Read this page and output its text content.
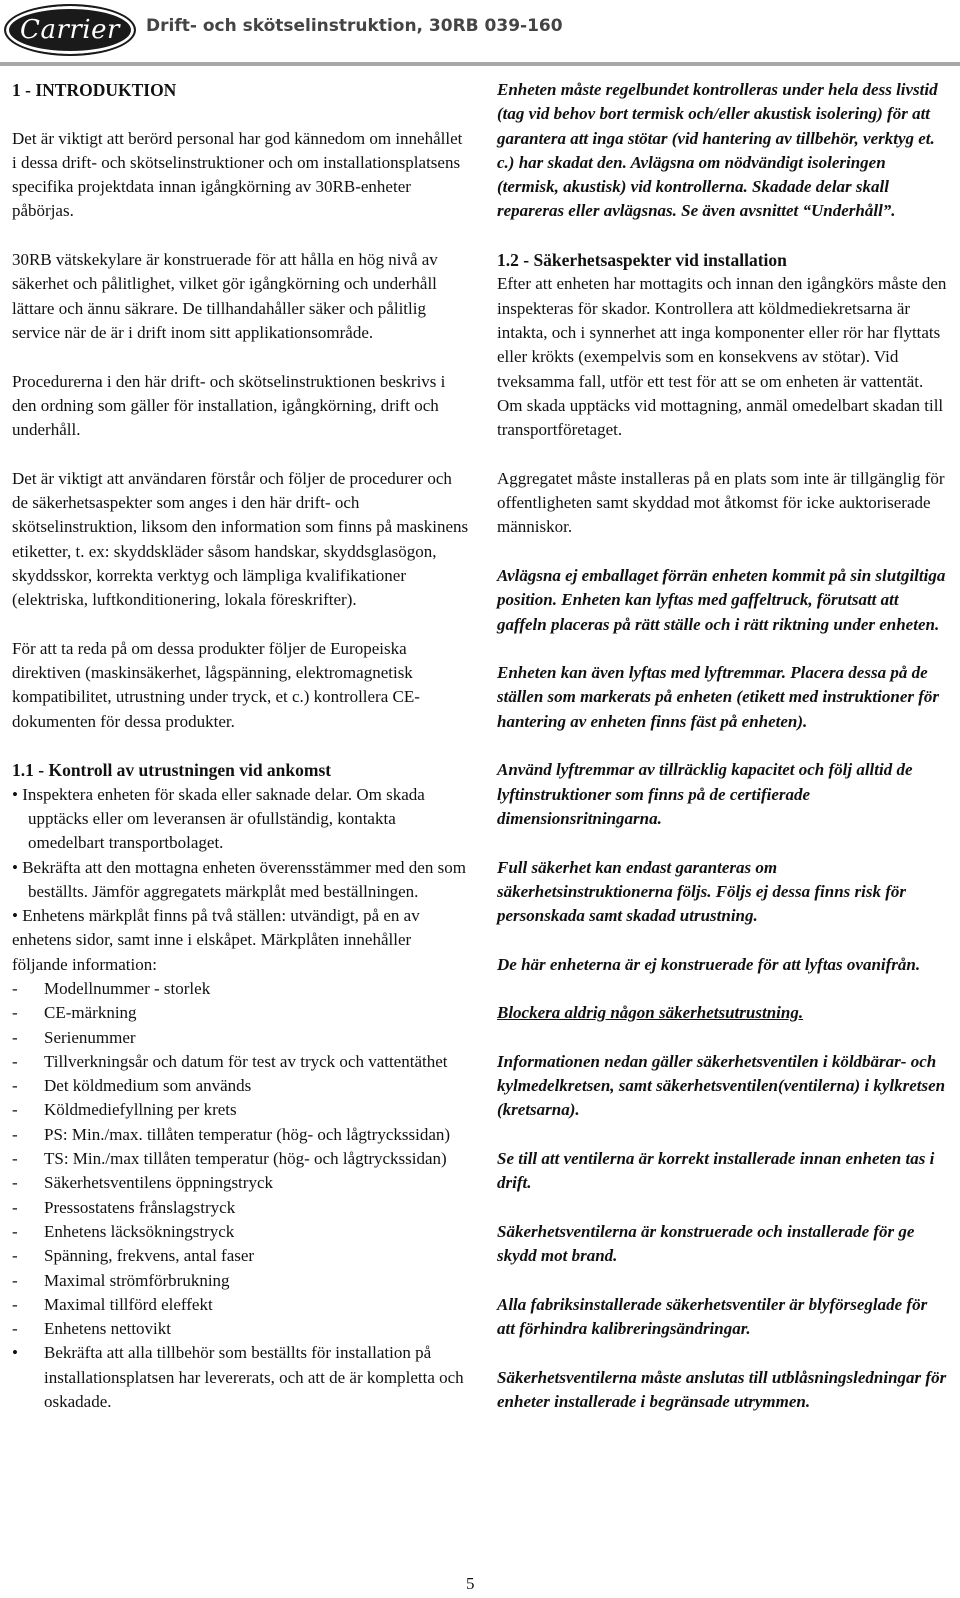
Carrier Drift- och skötselinstruktion, 30RB 039-160
1 - INTRODUKTION

Det är viktigt att berörd personal har god kännedom om innehållet i dessa drift- och skötselinstruktioner och om installationsplatsens specifika projektdata innan igångkörning av 30RB-enheter påbörjas.

30RB vätskekylare är konstruerade för att hålla en hög nivå av säkerhet och pålitlighet, vilket gör igångkörning och underhåll lättare och ännu säkrare. De tillhandahåller säker och pålitlig service när de är i drift inom sitt applikationsområde.

Procedurerna i den här drift- och skötselinstruktionen beskrivs i den ordning som gäller för installation, igångkörning, drift och underhåll.

Det är viktigt att användaren förstår och följer de procedurer och de säkerhetsaspekter som anges i den här drift- och skötselinstruktion, liksom den information som finns på maskinens etiketter, t. ex: skyddskläder såsom handskar, skyddsglasögon, skyddsskor, korrekta verktyg och lämpliga kvalifikationer (elektriska, luftkonditionering, lokala föreskrifter).

För att ta reda på om dessa produkter följer de Europeiska direktiven (maskinsäkerhet, lågspänning, elektromagnetisk kompatibilitet, utrustning under tryck, et c.) kontrollera CE-dokumenten för dessa produkter.

1.1 - Kontroll av utrustningen vid ankomst
• Inspektera enheten för skada eller saknade delar. Om skada upptäcks eller om leveransen är ofullständig, kontakta omedelbart transportbolaget.
• Bekräfta att den mottagna enheten överensstämmer med den som beställts. Jämför aggregatets märkplåt med beställningen.
• Enhetens märkplåt finns på två ställen: utvändigt, på en av enhetens sidor, samt inne i elskåpet. Märkplåten innehåller följande information:
- Modellnummer - storlek
- CE-märkning
- Serienummer
- Tillverkningsår och datum för test av tryck och vattentäthet
- Det köldmedium som används
- Köldmediefyllning per krets
- PS: Min./max. tillåten temperatur (hög- och lågtryckssidan)
- TS: Min./max tillåten temperatur (hög- och lågtryckssidan)
- Säkerhetsventilens öppningstryck
- Pressostatens frånslagstryck
- Enhetens läcksökningstryck
- Spänning, frekvens, antal faser
- Maximal strömförbrukning
- Maximal tillförd eleffekt
- Enhetens nettovikt
• Bekräfta att alla tillbehör som beställts för installation på installationsplatsen har levererats, och att de är kompletta och oskadade.

Enheten måste regelbundet kontrolleras under hela dess livstid (tag vid behov bort termisk och/eller akustisk isolering) för att garantera att inga stötar (vid hantering av tillbehör, verktyg et. c.) har skadat den. Avlägsna om nödvändigt isoleringen (termisk, akustisk) vid kontrollerna. Skadade delar skall repareras eller avlägsnas. Se även avsnittet “Underhåll”.

1.2 - Säkerhetsaspekter vid installation

Efter att enheten har mottagits och innan den igångkörs måste den inspekteras för skador. Kontrollera att köldmediekretsarna är intakta, och i synnerhet att inga komponenter eller rör har flyttats eller krökts (exempelvis som en konsekvens av stötar). Vid tveksamma fall, utför ett test för att se om enheten är vattentät. Om skada upptäcks vid mottagning, anmäl omedelbart skadan till transportföretaget.

Aggregatet måste installeras på en plats som inte är tillgänglig för offentligheten samt skyddad mot åtkomst för icke auktoriserade människor.

Avlägsna ej emballaget förrän enheten kommit på sin slutgiltiga position. Enheten kan lyftas med gaffeltruck, förutsatt att gaffeln placeras på rätt ställe och i rätt riktning under enheten.

Enheten kan även lyftas med lyftremmar. Placera dessa på de ställen som markerats på enheten (etikett med instruktioner för hantering av enheten finns fäst på enheten).

Använd lyftremmar av tillräcklig kapacitet och följ alltid de lyftinstruktioner som finns på de certifierade dimensionsritningarna.

Full säkerhet kan endast garanteras om säkerhetsinstruktionerna följs. Följs ej dessa finns risk för personskada samt skadad utrustning.

De här enheterna är ej konstruerade för att lyftas ovanifrån.

Blockera aldrig någon säkerhetsutrustning.

Informationen nedan gäller säkerhetsventilen i köldbärar- och kylmedelkretsen, samt säkerhetsventilen(ventilerna) i kylkretsen (kretsarna).

Se till att ventilerna är korrekt installerade innan enheten tas i drift.

Säkerhetsventilerna är konstruerade och installerade för ge skydd mot brand.

Alla fabriksinstallerade säkerhetsventiler är blyförseglade för att förhindra kalibreringsändringar.

Säkerhetsventilerna måste anslutas till utblåsningsledningar för enheter installerade i begränsade utrymmen.

5
